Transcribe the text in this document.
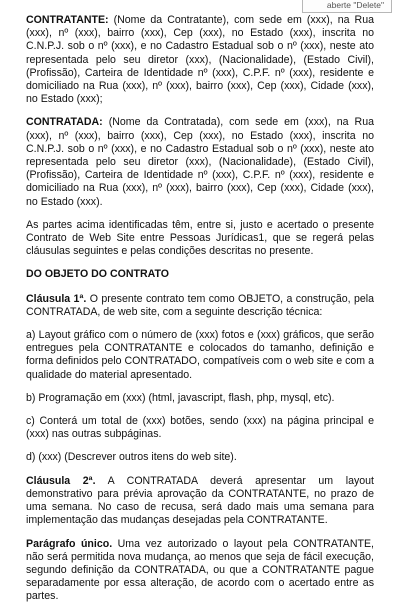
aberte "Delete"

CONTRATANTE: (Nome da Contratante), com sede em (xxx), na Rua (xxx), nº (xxx), bairro (xxx), Cep (xxx), no Estado (xxx), inscrita no C.N.P.J. sob o nº (xxx), e no Cadastro Estadual sob o nº (xxx), neste ato representada pelo seu diretor (xxx), (Nacionalidade), (Estado Civil), (Profissão), Carteira de Identidade nº (xxx), C.P.F. nº (xxx), residente e domiciliado na Rua (xxx), nº (xxx), bairro (xxx), Cep (xxx), Cidade (xxx), no Estado (xxx);

CONTRATADA: (Nome da Contratada), com sede em (xxx), na Rua (xxx), nº (xxx), bairro (xxx), Cep (xxx), no Estado (xxx), inscrita no C.N.P.J. sob o nº (xxx), e no Cadastro Estadual sob o nº (xxx), neste ato representada pelo seu diretor (xxx), (Nacionalidade), (Estado Civil), (Profissão), Carteira de Identidade nº (xxx), C.P.F. nº (xxx), residente e domiciliado na Rua (xxx), nº (xxx), bairro (xxx), Cep (xxx), Cidade (xxx), no Estado (xxx).

As partes acima identificadas têm, entre si, justo e acertado o presente Contrato de Web Site entre Pessoas Jurídicas1, que se regerá pelas cláusulas seguintes e pelas condições descritas no presente.

DO OBJETO DO CONTRATO

Cláusula 1ª. O presente contrato tem como OBJETO, a construção, pela CONTRATADA, de web site, com a seguinte descrição técnica:

a) Layout gráfico com o número de (xxx) fotos e (xxx) gráficos, que serão entregues pela CONTRATANTE e colocados do tamanho, definição e forma definidos pelo CONTRATADO, compatíveis com o web site e com a qualidade do material apresentado.

b) Programação em (xxx) (html, javascript, flash, php, mysql, etc).

c) Conterá um total de (xxx) botões, sendo (xxx) na página principal e (xxx) nas outras subpáginas.

d) (xxx) (Descrever outros itens do web site).

Cláusula 2ª. A CONTRATADA deverá apresentar um layout demonstrativo para prévia aprovação da CONTRATANTE, no prazo de uma semana. No caso de recusa, será dado mais uma semana para implementação das mudanças desejadas pela CONTRATANTE.

Parágrafo único. Uma vez autorizado o layout pela CONTRATANTE, não será permitida nova mudança, ao menos que seja de fácil execução, segundo definição da CONTRATADA, ou que a CONTRATANTE pague separadamente por essa alteração, de acordo com o acertado entre as partes.
